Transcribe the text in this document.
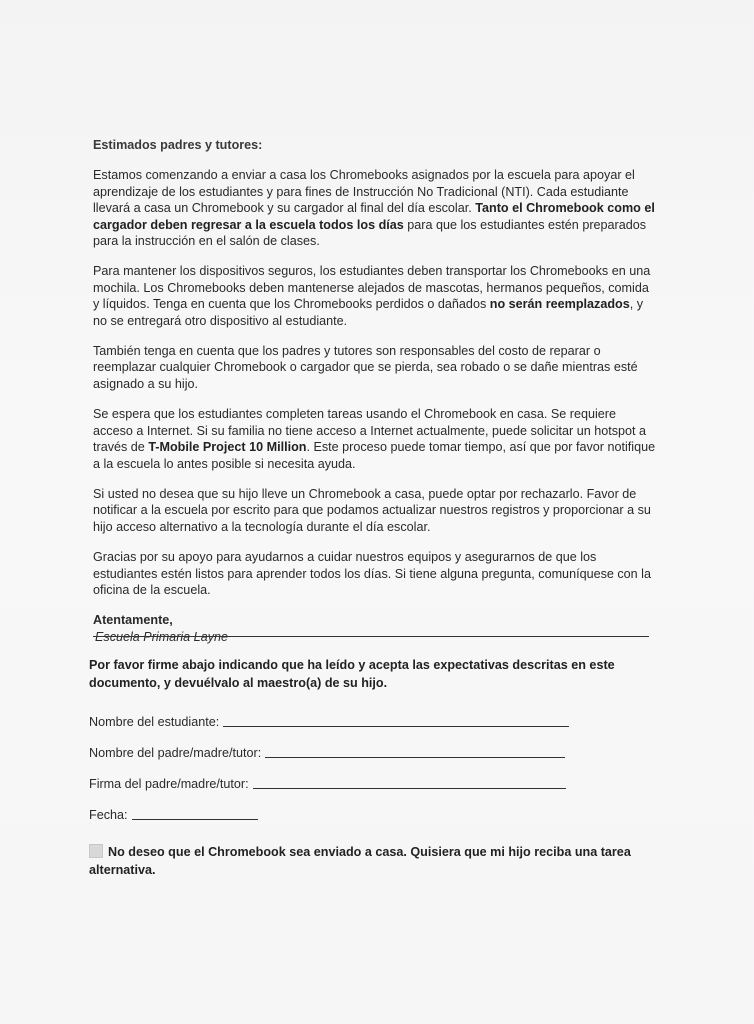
Estimados padres y tutores:

Estamos comenzando a enviar a casa los Chromebooks asignados por la escuela para apoyar el aprendizaje de los estudiantes y para fines de Instrucción No Tradicional (NTI). Cada estudiante llevará a casa un Chromebook y su cargador al final del día escolar. Tanto el Chromebook como el cargador deben regresar a la escuela todos los días para que los estudiantes estén preparados para la instrucción en el salón de clases.

Para mantener los dispositivos seguros, los estudiantes deben transportar los Chromebooks en una mochila. Los Chromebooks deben mantenerse alejados de mascotas, hermanos pequeños, comida y líquidos. Tenga en cuenta que los Chromebooks perdidos o dañados no serán reemplazados, y no se entregará otro dispositivo al estudiante.

También tenga en cuenta que los padres y tutores son responsables del costo de reparar o reemplazar cualquier Chromebook o cargador que se pierda, sea robado o se dañe mientras esté asignado a su hijo.

Se espera que los estudiantes completen tareas usando el Chromebook en casa. Se requiere acceso a Internet. Si su familia no tiene acceso a Internet actualmente, puede solicitar un hotspot a través de T-Mobile Project 10 Million. Este proceso puede tomar tiempo, así que por favor notifique a la escuela lo antes posible si necesita ayuda.

Si usted no desea que su hijo lleve un Chromebook a casa, puede optar por rechazarlo. Favor de notificar a la escuela por escrito para que podamos actualizar nuestros registros y proporcionar a su hijo acceso alternativo a la tecnología durante el día escolar.

Gracias por su apoyo para ayudarnos a cuidar nuestros equipos y asegurarnos de que los estudiantes estén listos para aprender todos los días. Si tiene alguna pregunta, comuníquese con la oficina de la escuela.

Atentamente,
Escuela Primaria Layne
Por favor firme abajo indicando que ha leído y acepta las expectativas descritas en este documento, y devuélvalo al maestro(a) de su hijo.
Nombre del estudiante:
Nombre del padre/madre/tutor:
Firma del padre/madre/tutor:
Fecha:
No deseo que el Chromebook sea enviado a casa. Quisiera que mi hijo reciba una tarea alternativa.
